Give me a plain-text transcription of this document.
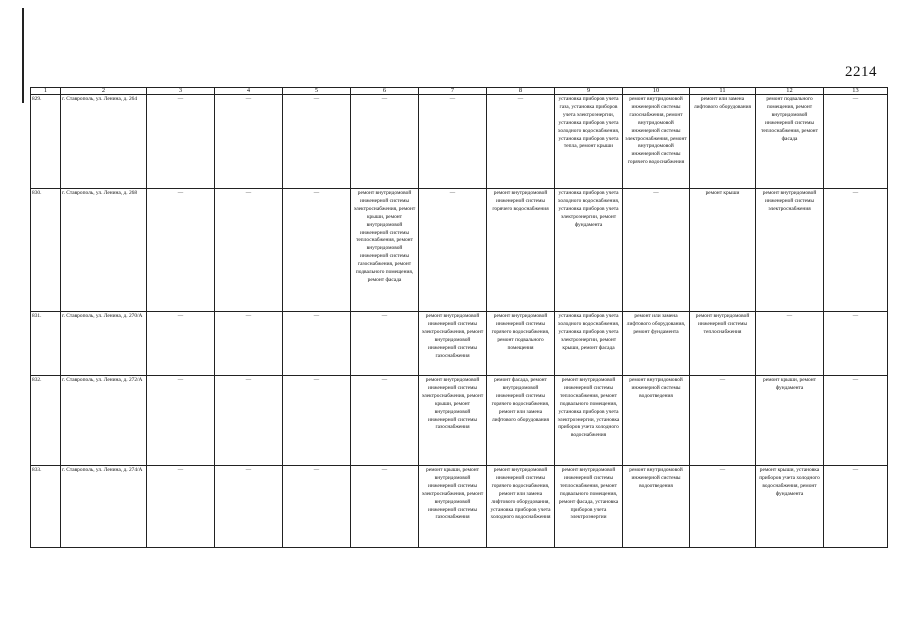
2214
1	2	3	4	5	6	7	8	9	10	11	12	13
829.	г. Ставрополь, ул. Ленина, д. 264	—	—	—	—	—	—	установка приборов учета газа, установка приборов учета электроэнергии, установка приборов учета холодного водоснабжения, установка приборов учета тепла, ремонт крыши	ремонт внутридомовой инженерной системы газоснабжения, ремонт внутридомовой инженерной системы электроснабжения, ремонт внутридомовой инженерной системы горячего водоснабжения	ремонт или замена лифтового оборудования	ремонт подвального помещения, ремонт внутридомовой инженерной системы теплоснабжения, ремонт фасада	—
830.	г. Ставрополь, ул. Ленина, д. 268	—	—	—	ремонт внутридомовой инженерной системы электроснабжения, ремонт крыши, ремонт внутридомовой инженерной системы теплоснабжения, ремонт внутридомовой инженерной системы газоснабжения, ремонт подвального помещения, ремонт фасада	—	ремонт внутридомовой инженерной системы горячего водоснабжения	установка приборов учета холодного водоснабжения, установка приборов учета электроэнергии, ремонт фундамента	—	ремонт крыши	ремонт внутридомовой инженерной системы электроснабжения	—
831.	г. Ставрополь, ул. Ленина, д. 270/А	—	—	—	—	ремонт внутридомовой инженерной системы электроснабжения, ремонт внутридомовой инженерной системы газоснабжения	ремонт внутридомовой инженерной системы горячего водоснабжения, ремонт подвального помещения	установка приборов учета холодного водоснабжения, установка приборов учета электроэнергии, ремонт крыши, ремонт фасада	ремонт или замена лифтового оборудования, ремонт фундамента	ремонт внутридомовой инженерной системы теплоснабжения	—	—
832.	г. Ставрополь, ул. Ленина, д. 272/А	—	—	—	—	ремонт внутридомовой инженерной системы электроснабжения, ремонт крыши, ремонт внутридомовой инженерной системы газоснабжения	ремонт фасада, ремонт внутридомовой инженерной системы горячего водоснабжения, ремонт или замена лифтового оборудования	ремонт внутридомовой инженерной системы теплоснабжения, ремонт подвального помещения, установка приборов учета электроэнергии, установка приборов учета холодного водоснабжения	ремонт внутридомовой инженерной системы водоотведения	—	ремонт крыши, ремонт фундамента	—
833.	г. Ставрополь, ул. Ленина, д. 274/А	—	—	—	—	ремонт крыши, ремонт внутридомовой инженерной системы электроснабжения, ремонт внутридомовой инженерной системы газоснабжения	ремонт внутридомовой инженерной системы горячего водоснабжения, ремонт или замена лифтового оборудования, установка приборов учета холодного водоснабжения	ремонт внутридомовой инженерной системы теплоснабжения, ремонт подвального помещения, ремонт фасада, установка приборов учета электроэнергии	ремонт внутридомовой инженерной системы водоотведения	—	ремонт крыши, установка приборов учета холодного водоснабжения, ремонт фундамента	—
